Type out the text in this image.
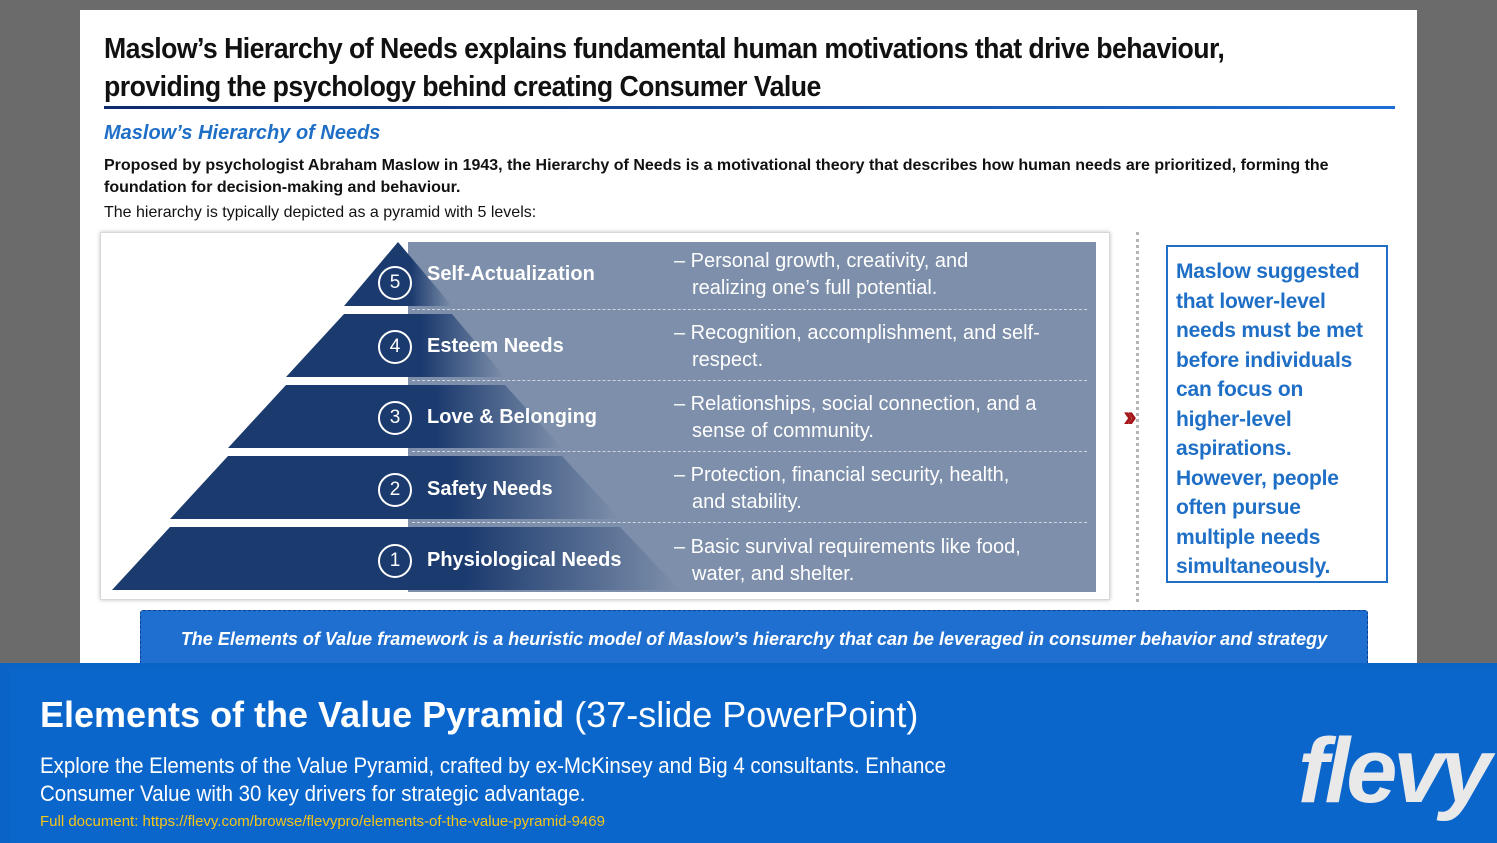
Maslow’s Hierarchy of Needs explains fundamental human motivations that drive behaviour,
providing the psychology behind creating Consumer Value
Maslow’s Hierarchy of Needs
Proposed by psychologist Abraham Maslow in 1943, the Hierarchy of Needs is a motivational theory that describes how human needs are prioritized, forming the foundation for decision-making and behaviour.
The hierarchy is typically depicted as a pyramid with 5 levels:
5	Self-Actualization
– Personal growth, creativity, and
realizing one’s full potential.
4	Esteem Needs
– Recognition, accomplishment, and self-
respect.
3	Love & Belonging
– Relationships, social connection, and a
sense of community.
2	Safety Needs
– Protection, financial security, health,
and stability.
1	Physiological Needs
– Basic survival requirements like food,
water, and shelter.
››
Maslow suggested that lower-level needs must be met before individuals can focus on higher-level aspirations. However, people often pursue multiple needs simultaneously.
The Elements of Value framework is a heuristic model of Maslow’s hierarchy that can be leveraged in consumer behavior and strategy
Elements of the Value Pyramid (37-slide PowerPoint)
Explore the Elements of the Value Pyramid, crafted by ex-McKinsey and Big 4 consultants. Enhance Consumer Value with 30 key drivers for strategic advantage.
Full document: https://flevy.com/browse/flevypro/elements-of-the-value-pyramid-9469	flevy
